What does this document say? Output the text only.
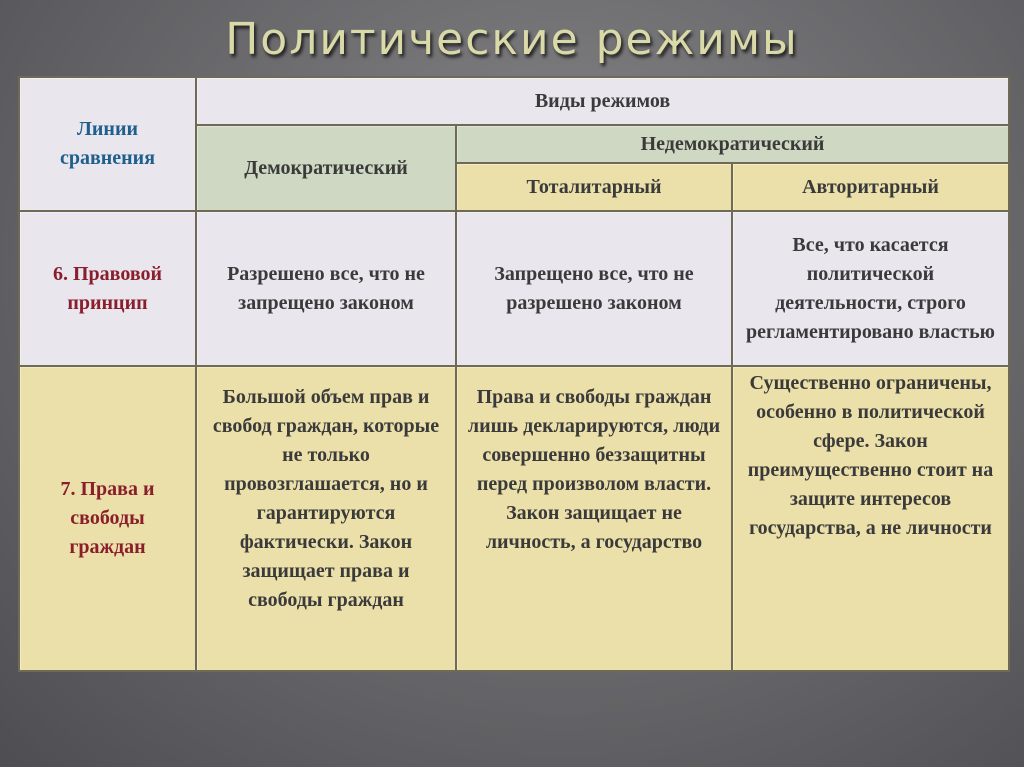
Политические режимы
Линии сравнения	Виды режимов		
	Демократический	Недемократический	
		Тоталитарный	Авторитарный
6. Правовой принцип	Разрешено все, что не запрещено законом	Запрещено все, что не разрешено законом	Все, что касается политической деятельности, строго регламентировано властью
7. Права и свободы граждан	Большой объем прав и свобод граждан, которые не только провозглашается, но и гарантируются фактически. Закон защищает права и свободы граждан	Права и свободы граждан лишь декларируются, люди совершенно беззащитны перед произволом власти. Закон защищает не личность, а государство	Существенно ограничены, особенно в политической сфере. Закон преимущественно стоит на защите интересов государства, а не личности
